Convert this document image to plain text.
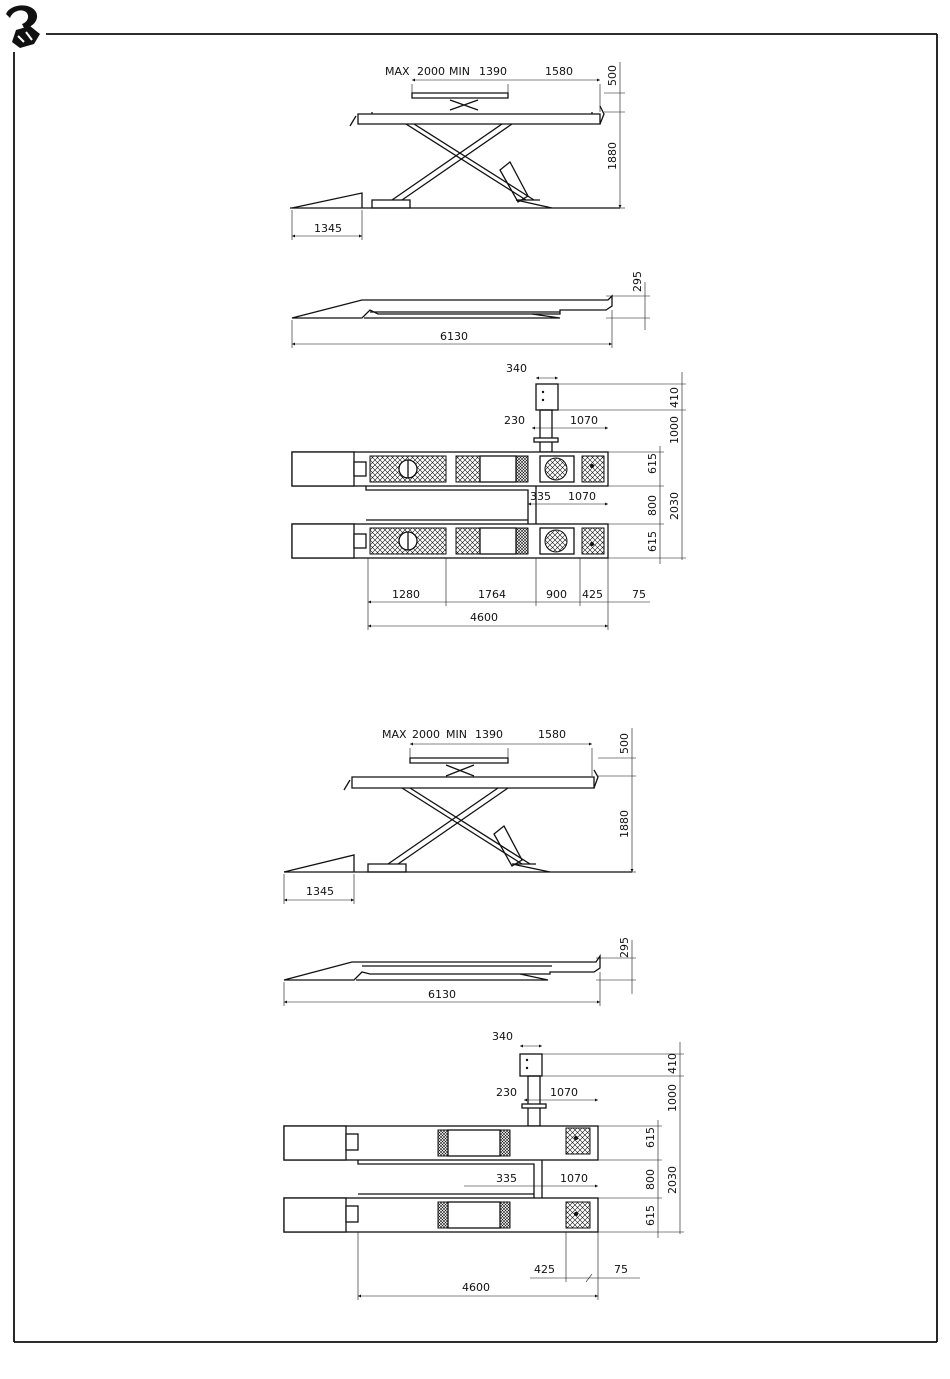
1345
MAX 2000 MIN 1390	1580	500
1880
295
6130
340
410
1000
230	1070
615
800
615
2030
335 1070
1280	1764	900 425	75
4600
1345
MAX 2000 MIN 1390	1580	500
1880
295
6130
340
410
1000
230	1070
615
800
615
2030
335	1070
425	75
4600
